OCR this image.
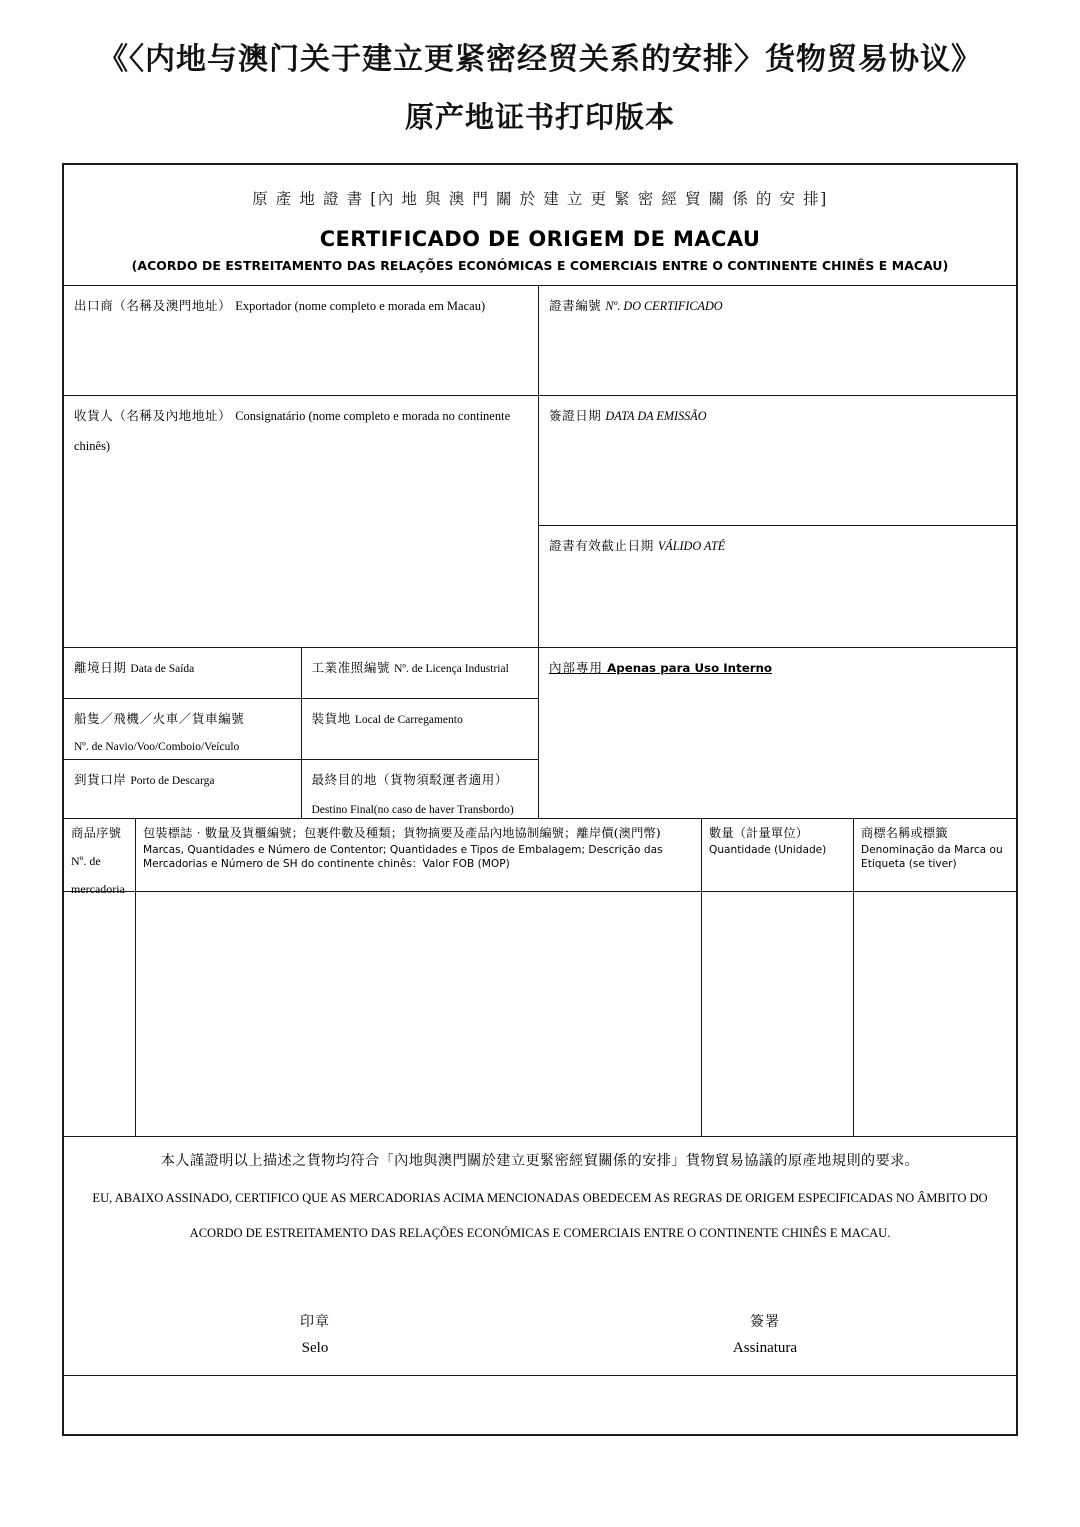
《〈内地与澳门关于建立更紧密经贸关系的安排〉货物贸易协议》
原产地证书打印版本
原 產 地 證 書 [內 地 與 澳 門 關 於 建 立 更 緊 密 經 貿 關 係 的 安 排]
CERTIFICADO DE ORIGEM DE MACAU
(ACORDO DE ESTREITAMENTO DAS RELAÇÕES ECONÓMICAS E COMERCIAIS ENTRE O CONTINENTE CHINÊS E MACAU)
出口商（名稱及澳門地址） Exportador (nome completo e morada em Macau)
收貨人（名稱及內地地址） Consignatário (nome completo e morada no continente
chinês)
證書編號 Nº. DO CERTIFICADO
簽證日期 DATA DA EMISSÃO
證書有效截止日期 VÁLIDO ATÉ
離境日期 Data de Saída	工業准照編號 Nº. de Licença Industrial
船隻／飛機／火車／貨車編號
Nº. de Navio/Voo/Comboio/Veículo
裝貨地 Local de Carregamento
到貨口岸 Porto de Descarga	最終目的地（貨物須駁運者適用）
Destino Final(no caso de haver Transbordo)
內部專用 Apenas para Uso Interno
商品序號
Nº. de
mercadoria
包裝標誌‧數量及貨櫃編號；包裹件數及種類；貨物摘要及產品內地協制編號；離岸價(澳門幣)
Marcas, Quantidades e Número de Contentor; Quantidades e Tipos de Embalagem; Descrição das Mercadorias e Número de SH do continente chinês：Valor FOB (MOP)
數量（計量單位）
Quantidade (Unidade)
商標名稱或標籤
Denominação da Marca ou Etiqueta (se tiver)
本人謹證明以上描述之貨物均符合「內地與澳門關於建立更緊密經貿關係的安排」貨物貿易協議的原產地規則的要求。
EU, ABAIXO ASSINADO, CERTIFICO QUE AS MERCADORIAS ACIMA MENCIONADAS OBEDECEM AS REGRAS DE ORIGEM ESPECIFICADAS NO ÂMBITO DO
ACORDO DE ESTREITAMENTO DAS RELAÇÕES ECONÓMICAS E COMERCIAIS ENTRE O CONTINENTE CHINÊS E MACAU.
印章
Selo
簽署
Assinatura
